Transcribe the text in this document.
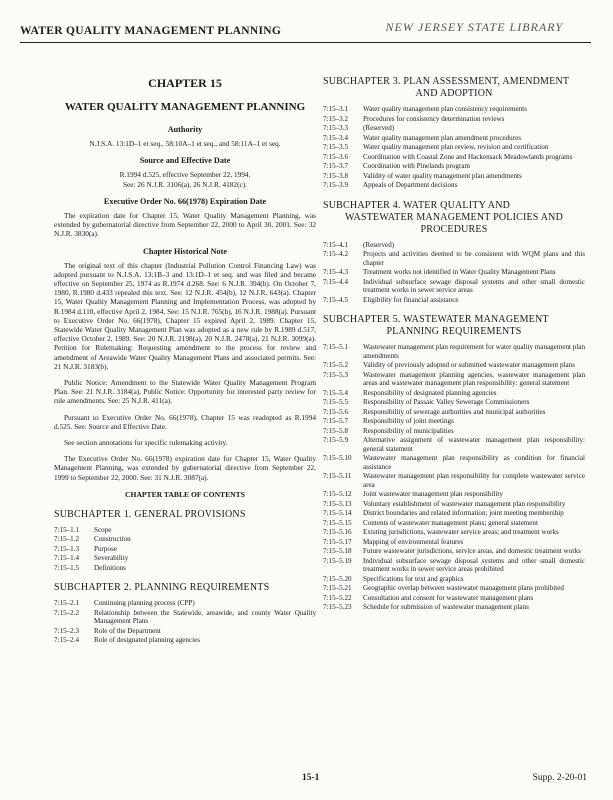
WATER QUALITY MANAGEMENT PLANNING	NEW JERSEY STATE LIBRARY
CHAPTER 15
WATER QUALITY MANAGEMENT PLANNING
Authority
N.J.S.A. 13:1D–1 et seq., 58:10A–1 et seq., and 58:11A–1 et seq.
Source and Effective Date
R.1994 d.525, effective September 22, 1994.
See: 26 N.J.R. 3106(a), 26 N.J.R. 4182(c).
Executive Order No. 66(1978) Expiration Date

The expiration date for Chapter 15, Water Quality Management Planning, was extended by gubernatorial directive from September 22, 2000 to April 30, 2001. See: 32 N.J.R. 3830(a).

Chapter Historical Note

The original text of this chapter (Industrial Pollution Control Financing Law) was adopted pursuant to N.J.S.A. 13:1B–3 and 13:1D–1 et seq. and was filed and became effective on September 25, 1974 as R.1974 d.268. See: 6 N.J.R. 394(b). On October 7, 1980, R.1980 d.433 repealed this text. See: 12 N.J.R. 454(b), 12 N.J.R. 643(a). Chapter 15, Water Quality Management Planning and Implementation Process, was adopted by R.1984 d.110, effective April 2, 1984. See: 15 N.J.R. 765(b), 16 N.J.R. 1988(a). Pursuant to Executive Order No. 66(1978), Chapter 15 expired April 2, 1989. Chapter 15, Statewide Water Quality Management Plan was adopted as a new rule by R.1989 d.517, effective October 2, 1989. See: 20 N.J.R. 2198(a), 20 N.J.R. 2478(a), 21 N.J.R. 3099(a). Petition for Rulemaking: Requesting amendment to the process for review and amendment of Areawide Water Quality Management Plans and associated permits. See: 21 N.J.R. 3183(b).

Public Notice: Amendment to the Statewide Water Quality Management Program Plan. See: 21 N.J.R. 3184(a). Public Notice: Opportunity for interested party review for rule amendments. See: 25 N.J.R. 411(a).

Pursuant to Executive Order No. 66(1978), Chapter 15 was readopted as R.1994 d.525. See: Source and Effective Date.

See section annotations for specific rulemaking activity.

The Executive Order No. 66(1978) expiration date for Chapter 15, Water Quality Management Planning, was extended by gubernatorial directive from September 22, 1999 to September 22, 2000. See: 31 N.J.R. 3087(a).

CHAPTER TABLE OF CONTENTS
SUBCHAPTER 1. GENERAL PROVISIONS
7:15–1.1	Scope
7:15–1.2	Construction
7:15–1.3	Purpose
7:15–1.4	Severability
7:15–1.5	Definitions
SUBCHAPTER 2. PLANNING REQUIREMENTS
7:15–2.1	Continuing planning process (CPP)
7:15–2.2	Relationship between the Statewide, areawide, and county Water Quality Management Plans
7:15–2.3	Role of the Department
7:15–2.4	Role of designated planning agencies
SUBCHAPTER 3. PLAN ASSESSMENT, AMENDMENT
AND ADOPTION
7:15–3.1	Water quality management plan consistency requirements
7:15–3.2	Procedures for consistency determination reviews
7:15–3.3	(Reserved)
7:15–3.4	Water quality management plan amendment procedures
7:15–3.5	Water quality management plan review, revision and certification
7:15–3.6	Coordination with Coastal Zone and Hackensack Meadowlands programs
7:15–3.7	Coordination with Pinelands program
7:15–3.8	Validity of water quality management plan amendments
7:15–3.9	Appeals of Department decisions
SUBCHAPTER 4. WATER QUALITY AND
WASTEWATER MANAGEMENT POLICIES AND
PROCEDURES
7:15–4.1	(Reserved)
7:15–4.2	Projects and activities deemed to be consistent with WQM plans and this chapter
7:15–4.3	Treatment works not identified in Water Quality Management Plans
7:15–4.4	Individual subsurface sewage disposal systems and other small domestic treatment works in sewer service areas
7:15–4.5	Eligibility for financial assistance
SUBCHAPTER 5. WASTEWATER MANAGEMENT
PLANNING REQUIREMENTS
7:15–5.1	Wastewater management plan requirement for water quality management plan amendments
7:15–5.2	Validity of previously adopted or submitted wastewater management plans
7:15–5.3	Wastewater management planning agencies, wastewater management plan areas and wastewater management plan responsibility: general statement
7:15–5.4	Responsibility of designated planning agencies
7:15–5.5	Responsibility of Passaic Valley Sewerage Commissioners
7:15–5.6	Responsibility of sewerage authorities and municipal authorities
7:15–5.7	Responsibility of joint meetings
7:15–5.8	Responsibility of municipalities
7:15–5.9	Alternative assignment of wastewater management plan responsibility: general statement
7:15–5.10	Wastewater management plan responsibility as condition for financial assistance
7:15–5.11	Wastewater management plan responsibility for complete wastewater service area
7:15–5.12	Joint wastewater management plan responsibility
7:15–5.13	Voluntary establishment of wastewater management plan responsibility
7:15–5.14	District boundaries and related information; joint meeting membership
7:15–5.15	Contents of wastewater management plans; general statement
7:15–5.16	Existing jurisdictions, wastewater service areas; and treatment works
7:15–5.17	Mapping of environmental features
7:15–5.18	Future wastewater jurisdictions, service areas, and domestic treatment works
7:15–5.19	Individual subsurface sewage disposal systems and other small domestic treatment works in sewer service areas prohibited
7:15–5.20	Specifications for text and graphics
7:15–5.21	Geographic overlap between wastewater management plans prohibited
7:15–5.22	Consultation and consent for wastewater management plans
7:15–5.23	Schedule for submission of wastewater management plans
15-1	Supp. 2-20-01
